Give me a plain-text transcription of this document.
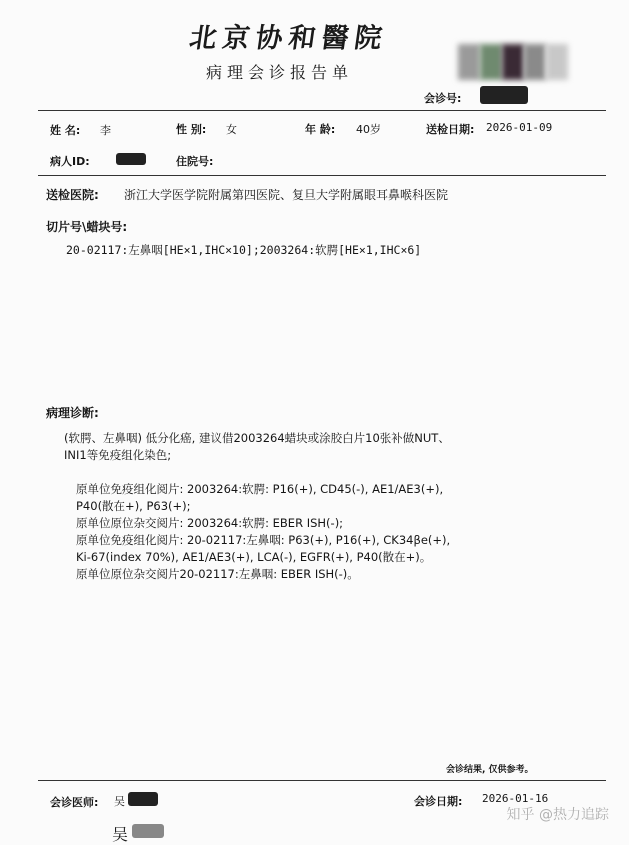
北京协和醫院
病理会诊报告单
会诊号:
姓 名: 李	性 别: 女	年 龄: 40岁	送检日期: 2026-01-09
病人ID:	住院号:
送检医院: 浙江大学医学院附属第四医院、复旦大学附属眼耳鼻喉科医院
切片号\蜡块号:
20-02117:左鼻咽[HE×1,IHC×10];2003264:软腭[HE×1,IHC×6]
病理诊断:
(软腭、左鼻咽) 低分化癌, 建议借2003264蜡块或涂胶白片10张补做NUT、
INI1等免疫组化染色;
原单位免疫组化阅片: 2003264:软腭: P16(+), CD45(-), AE1/AE3(+),
P40(散在+), P63(+);
原单位原位杂交阅片: 2003264:软腭: EBER ISH(-);
原单位免疫组化阅片: 20-02117:左鼻咽: P63(+), P16(+), CK34βe(+),
Ki-67(index 70%), AE1/AE3(+), LCA(-), EGFR(+), P40(散在+)。
原单位原位杂交阅片20-02117:左鼻咽: EBER ISH(-)。
会诊结果, 仅供参考。
会诊医师: 吴	会诊日期: 2026-01-16
吴
知乎 @热力追踪
